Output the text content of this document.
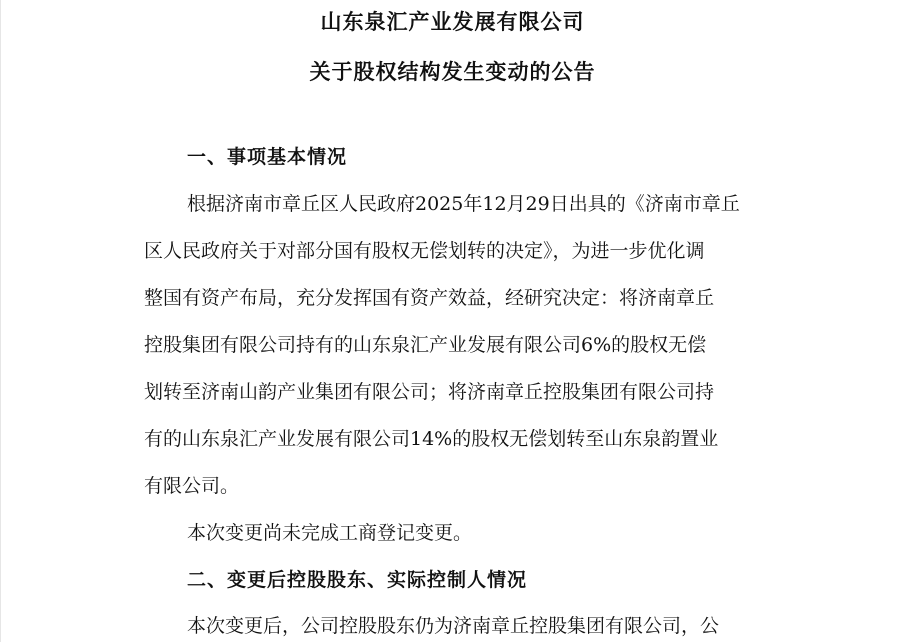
山东泉汇产业发展有限公司
关于股权结构发生变动的公告
一、事项基本情况
根据济南市章丘区人民政府2025年12月29日出具的《济南市章丘
区人民政府关于对部分国有股权无偿划转的决定》，为进一步优化调
整国有资产布局，充分发挥国有资产效益，经研究决定：将济南章丘
控股集团有限公司持有的山东泉汇产业发展有限公司6%的股权无偿
划转至济南山韵产业集团有限公司；将济南章丘控股集团有限公司持
有的山东泉汇产业发展有限公司14%的股权无偿划转至山东泉韵置业
有限公司。
本次变更尚未完成工商登记变更。
二、变更后控股股东、实际控制人情况
本次变更后，公司控股股东仍为济南章丘控股集团有限公司，公
